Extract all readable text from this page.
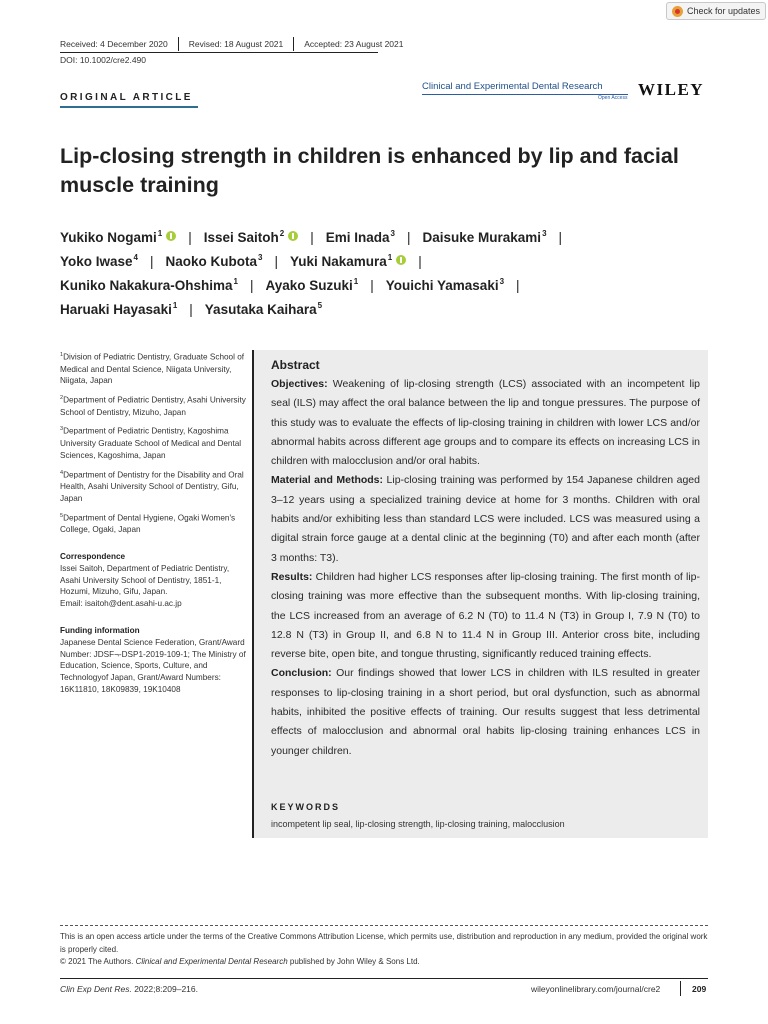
Check for updates
Received: 4 December 2020 Revised: 18 August 2021 Accepted: 23 August 2021
DOI: 10.1002/cre2.490
ORIGINAL ARTICLE
Clinical and Experimental Dental Research
Open Access WILEY
Lip-closing strength in children is enhanced by lip and facial muscle training
Yukiko Nogami$^1$ | Issei Saitoh$^2$ | Emi Inada$^3$ | Daisuke Murakami$^3$ |
Yoko Iwase$^4$ | Naoko Kubota$^3$ | Yuki Nakamura$^1$ |
Kuniko Nakakura-Ohshima$^1$ | Ayako Suzuki$^1$ | Youichi Yamasaki$^3$ |
Haruaki Hayasaki$^1$ | Yasutaka Kaihara$^5$

$^1$Division of Pediatric Dentistry, Graduate School of Medical and Dental Science, Niigata University, Niigata, Japan

$^2$Department of Pediatric Dentistry, Asahi University School of Dentistry, Mizuho, Japan

$^3$Department of Pediatric Dentistry, Kagoshima University Graduate School of Medical and Dental Sciences, Kagoshima, Japan

$^4$Department of Dentistry for the Disability and Oral Health, Asahi University School of Dentistry, Gifu, Japan

$^5$Department of Dental Hygiene, Ogaki Women's College, Ogaki, Japan

Correspondence

Issei Saitoh, Department of Pediatric Dentistry, Asahi University School of Dentistry, 1851-1, Hozumi, Mizuho, Gifu, Japan.
Email: isaitoh@dent.asahi-u.ac.jp

Funding information

Japanese Dental Science Federation, Grant/Award Number: JDSF¬-DSP1-2019-109-1; The Ministry of Education, Science, Sports, Culture, and Technologyof Japan, Grant/Award Numbers: 16K11810, 18K09839, 19K10408

Abstract

Objectives: Weakening of lip-closing strength (LCS) associated with an incompetent lip seal (ILS) may affect the oral balance between the lip and tongue pressures. The purpose of this study was to evaluate the effects of lip-closing training in children with lower LCS and/or abnormal habits across different age groups and to compare its effects on increasing LCS in children with malocclusion and/or oral habits.

Material and Methods: Lip-closing training was performed by 154 Japanese children aged 3–12 years using a specialized training device at home for 3 months. Children with oral habits and/or exhibiting less than standard LCS were included. LCS was measured using a digital strain force gauge at a dental clinic at the beginning (T0) and after each month (after 3 months: T3).

Results: Children had higher LCS responses after lip-closing training. The first month of lip-closing training was more effective than the subsequent months. With lip-closing training, the LCS increased from an average of 6.2 N (T0) to 11.4 N (T3) in Group I, 7.9 N (T0) to 12.8 N (T3) in Group II, and 6.8 N to 11.4 N in Group III. Anterior cross bite, including reverse bite, open bite, and tongue thrusting, significantly reduced training effects.

Conclusion: Our findings showed that lower LCS in children with ILS resulted in greater responses to lip-closing training in a short period, but oral dysfunction, such as abnormal habits, inhibited the positive effects of training. Our results suggest that less detrimental effects of malocclusion and abnormal oral habits lip-closing training enhances LCS in younger children.

KEYWORDS
incompetent lip seal, lip-closing strength, lip-closing training, malocclusion

This is an open access article under the terms of the Creative Commons Attribution License, which permits use, distribution and reproduction in any medium, provided the original work is properly cited.

© 2021 The Authors. Clinical and Experimental Dental Research published by John Wiley & Sons Ltd.

Clin Exp Dent Res. 2022;8:209–216.	wileyonlinelibrary.com/journal/cre2	209
